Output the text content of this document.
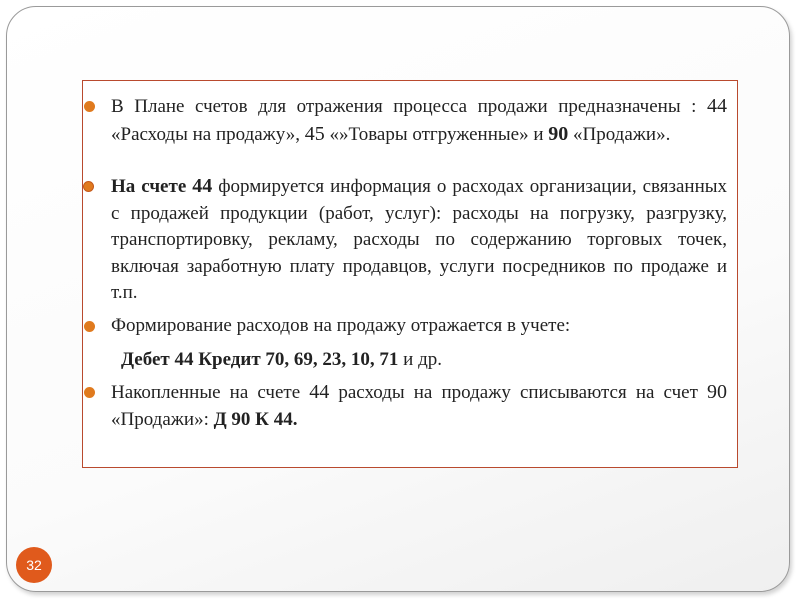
В Плане счетов для отражения процесса продажи предназначены : 44 «Расходы на продажу», 45 «»Товары отгруженные» и 90 «Продажи».
На счете 44 формируется информация о расходах организации, связанных с продажей продукции (работ, услуг): расходы на погрузку, разгрузку, транспортировку, рекламу, расходы по содержанию торговых точек, включая заработную плату продавцов, услуги посредников по продаже и т.п.
Формирование расходов на продажу отражается в учете:
Накопленные на счете 44 расходы на продажу списываются на счет 90 «Продажи»: Д 90 К 44.
Дебет 44 Кредит 70, 69, 23, 10, 71 и др.
32
